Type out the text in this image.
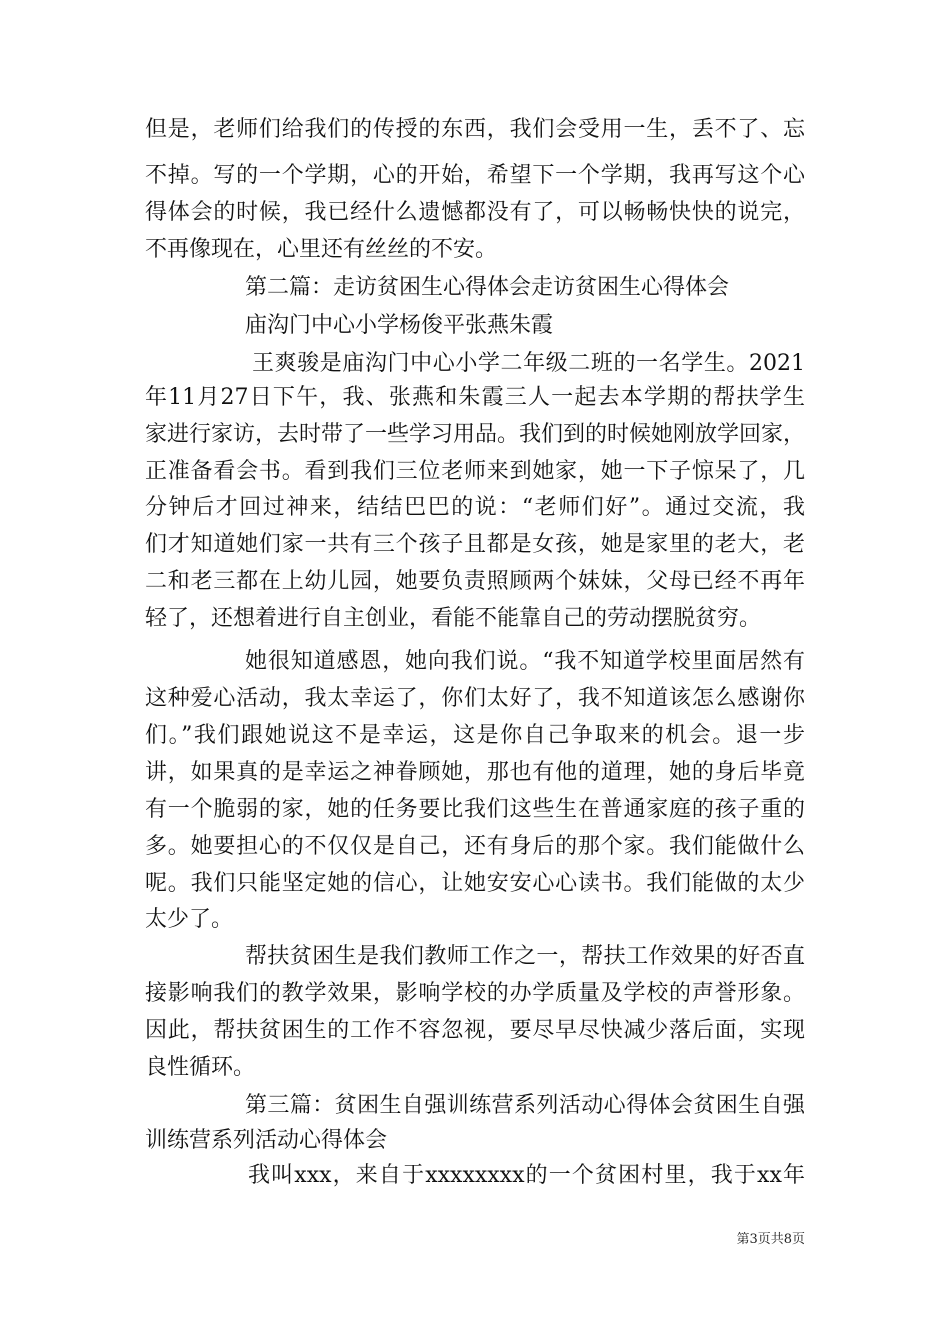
但是，老师们给我们的传授的东西，我们会受用一生，丢不了、忘
不掉。写的一个学期，心的开始，希望下一个学期，我再写这个心
得体会的时候，我已经什么遗憾都没有了，可以畅畅快快的说完，
不再像现在，心里还有丝丝的不安。
第二篇：走访贫困生心得体会走访贫困生心得体会
庙沟门中心小学杨俊平张燕朱霞
王爽骏是庙沟门中心小学二年级二班的一名学生。2021
年11月27日下午，我、张燕和朱霞三人一起去本学期的帮扶学生
家进行家访，去时带了一些学习用品。我们到的时候她刚放学回家，
正准备看会书。看到我们三位老师来到她家，她一下子惊呆了，几
分钟后才回过神来，结结巴巴的说：“老师们好”。通过交流，我
们才知道她们家一共有三个孩子且都是女孩，她是家里的老大，老
二和老三都在上幼儿园，她要负责照顾两个妹妹，父母已经不再年
轻了，还想着进行自主创业，看能不能靠自己的劳动摆脱贫穷。
她很知道感恩，她向我们说。“我不知道学校里面居然有
这种爱心活动，我太幸运了，你们太好了，我不知道该怎么感谢你
们。”我们跟她说这不是幸运，这是你自己争取来的机会。退一步
讲，如果真的是幸运之神眷顾她，那也有他的道理，她的身后毕竟
有一个脆弱的家，她的任务要比我们这些生在普通家庭的孩子重的
多。她要担心的不仅仅是自己，还有身后的那个家。我们能做什么
呢。我们只能坚定她的信心，让她安安心心读书。我们能做的太少
太少了。
帮扶贫困生是我们教师工作之一，帮扶工作效果的好否直
接影响我们的教学效果，影响学校的办学质量及学校的声誉形象。
因此，帮扶贫困生的工作不容忽视，要尽早尽快减少落后面，实现
良性循环。
第三篇：贫困生自强训练营系列活动心得体会贫困生自强
训练营系列活动心得体会
我叫xxx，来自于xxxxxxxx的一个贫困村里，我于xx年
第3页共8页
